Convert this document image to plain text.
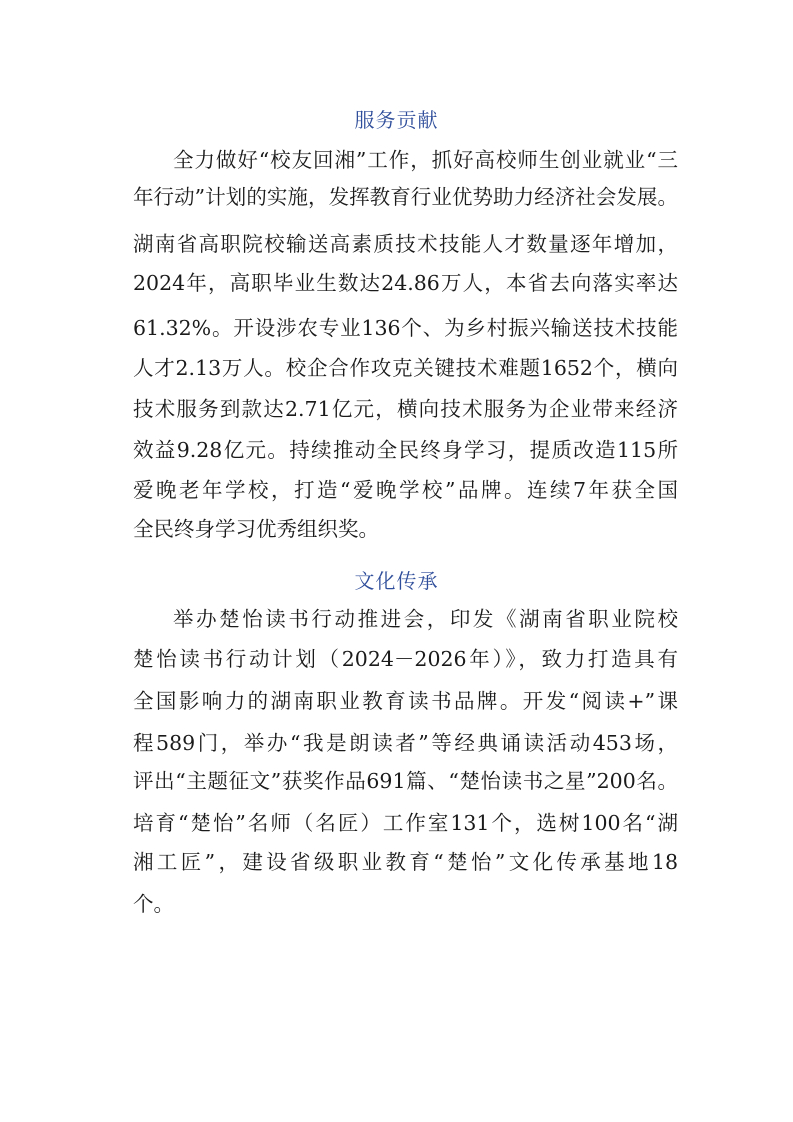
服务贡献
全力做好“校友回湘”工作，抓好高校师生创业就业“三
年行动”计划的实施，发挥教育行业优势助力经济社会发展。
湖南省高职院校输送高素质技术技能人才数量逐年增加，
2024年，高职毕业生数达24.86万人，本省去向落实率达
61.32%。开设涉农专业136个、为乡村振兴输送技术技能
人才2.13万人。校企合作攻克关键技术难题1652个，横向
技术服务到款达2.71亿元，横向技术服务为企业带来经济
效益9.28亿元。持续推动全民终身学习，提质改造115所
爱晚老年学校，打造“爱晚学校”品牌。连续7年获全国
全民终身学习优秀组织奖。
文化传承
举办楚怡读书行动推进会，印发《湖南省职业院校
楚怡读书行动计划（2024－2026年）》，致力打造具有
全国影响力的湖南职业教育读书品牌。开发“阅读+”课
程589门，举办“我是朗读者”等经典诵读活动453场，
评出“主题征文”获奖作品691篇、“楚怡读书之星”200名。
培育“楚怡”名师（名匠）工作室131个，选树100名“湖
湘工匠”，建设省级职业教育“楚怡”文化传承基地18
个。
